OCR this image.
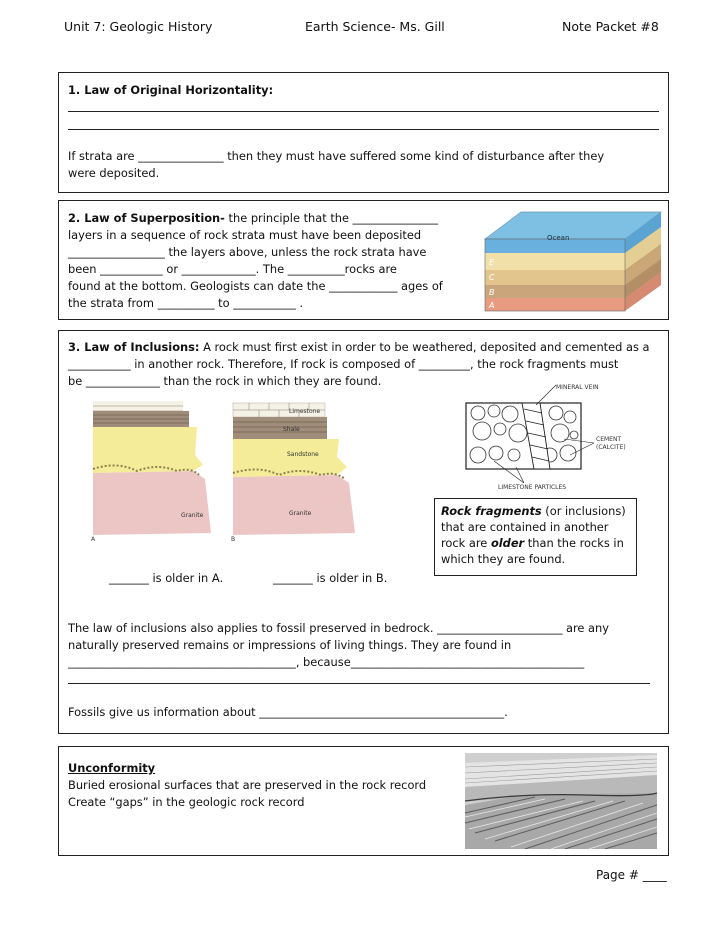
Unit 7: Geologic History	Earth Science- Ms. Gill	Note Packet #8
1. Law of Original Horizontality:
If strata are _______________ then they must have suffered some kind of disturbance after they
were deposited.
2. Law of Superposition- the principle that the _______________
layers in a sequence of rock strata must have been deposited
_________________ the layers above, unless the rock strata have
been ___________ or _____________. The __________rocks are
found at the bottom. Geologists can date the ____________ ages of
the strata from __________ to ___________ .
Ocean
E
C
B
A
3. Law of Inclusions: A rock must first exist in order to be weathered, deposited and cemented as a
___________ in another rock. Therefore, If rock is composed of _________, the rock fragments must
be _____________ than the rock in which they are found.
Granite
A
Limestone
Shale
Sandstone
Granite
B
MINERAL VEIN
CEMENT
(CALCITE)
LIMESTONE PARTICLES
Rock fragments (or inclusions)
that are contained in another
rock are older than the rocks in
which they are found.
_______ is older in A.	_______ is older in B.
The law of inclusions also applies to fossil preserved in bedrock. ______________________ are any
naturally preserved remains or impressions of living things. They are found in
________________________________________, because_________________________________________
Fossils give us information about ___________________________________________.
Unconformity
Buried erosional surfaces that are preserved in the rock record
Create “gaps” in the geologic rock record
Page # ____
